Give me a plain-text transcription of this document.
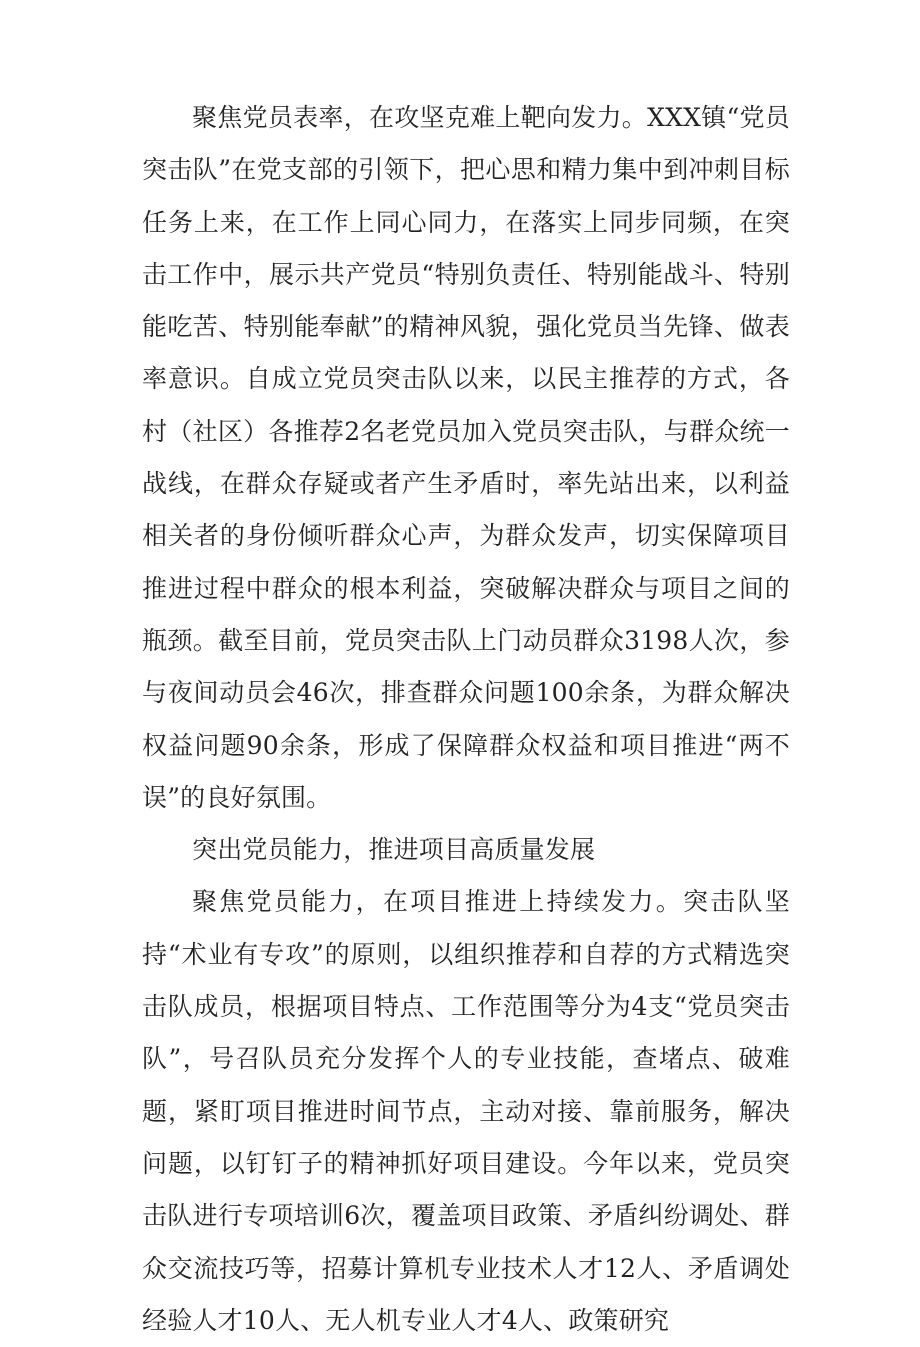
聚焦党员表率，在攻坚克难上靶向发力。XXX镇“党员突击队”在党支部的引领下，把心思和精力集中到冲刺目标任务上来，在工作上同心同力，在落实上同步同频，在突击工作中，展示共产党员“特别负责任、特别能战斗、特别能吃苦、特别能奉献”的精神风貌，强化党员当先锋、做表率意识。自成立党员突击队以来，以民主推荐的方式，各村（社区）各推荐2名老党员加入党员突击队，与群众统一战线，在群众存疑或者产生矛盾时，率先站出来，以利益相关者的身份倾听群众心声，为群众发声，切实保障项目推进过程中群众的根本利益，突破解决群众与项目之间的瓶颈。截至目前，党员突击队上门动员群众3198人次，参与夜间动员会46次，排查群众问题100余条，为群众解决权益问题90余条，形成了保障群众权益和项目推进“两不误”的良好氛围。

突出党员能力，推进项目高质量发展

聚焦党员能力，在项目推进上持续发力。突击队坚持“术业有专攻”的原则，以组织推荐和自荐的方式精选突击队成员，根据项目特点、工作范围等分为4支“党员突击队”，号召队员充分发挥个人的专业技能，查堵点、破难题，紧盯项目推进时间节点，主动对接、靠前服务，解决问题，以钉钉子的精神抓好项目建设。今年以来，党员突击队进行专项培训6次，覆盖项目政策、矛盾纠纷调处、群众交流技巧等，招募计算机专业技术人才12人、矛盾调处经验人才10人、无人机专业人才4人、政策研究
